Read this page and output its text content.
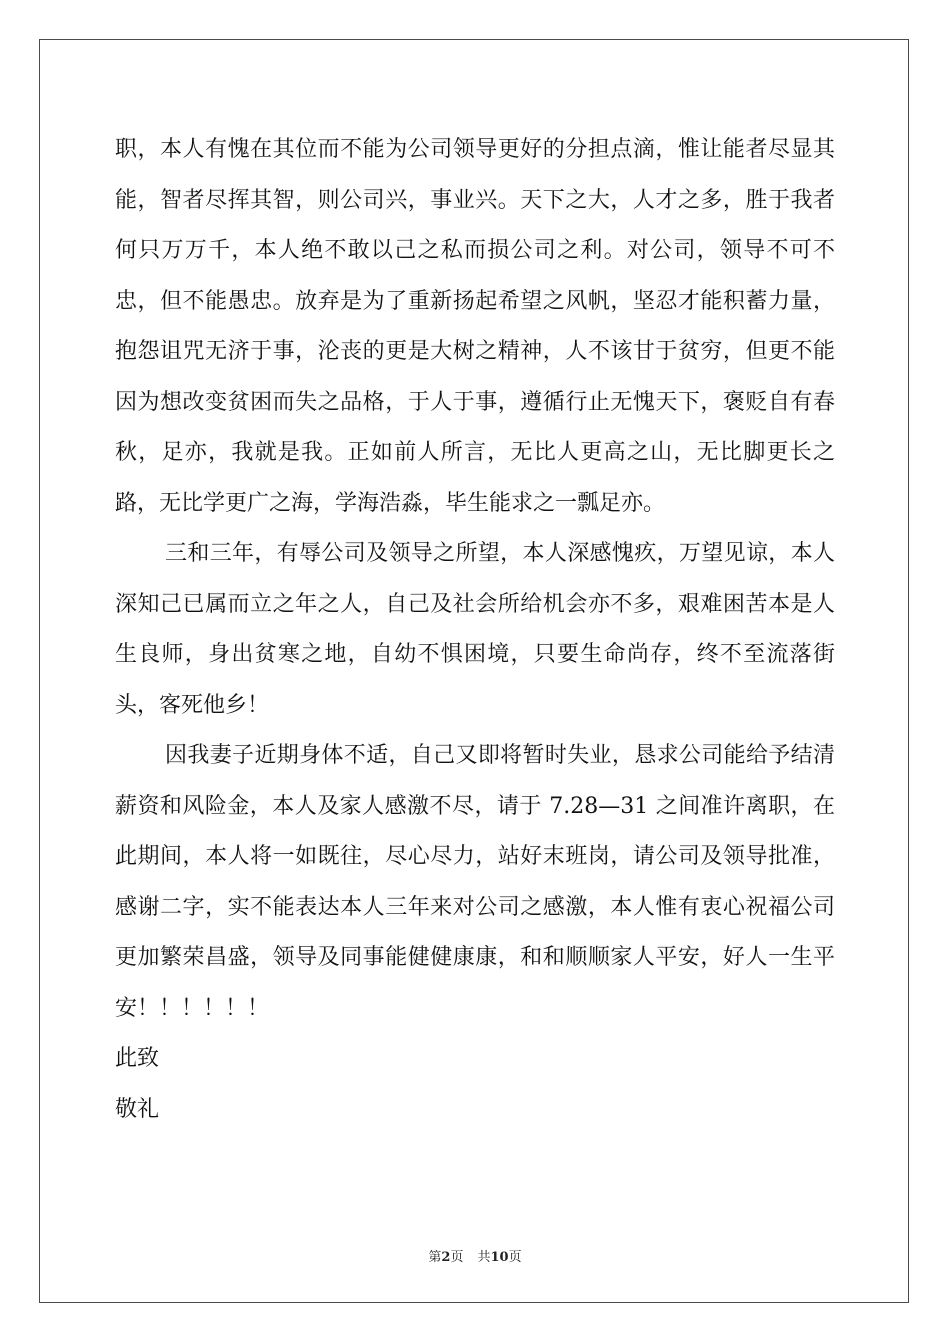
职，本人有愧在其位而不能为公司领导更好的分担点滴，惟让能者尽显其能，智者尽挥其智，则公司兴，事业兴。天下之大，人才之多，胜于我者何只万万千，本人绝不敢以己之私而损公司之利。对公司，领导不可不忠，但不能愚忠。放弃是为了重新扬起希望之风帆，坚忍才能积蓄力量，抱怨诅咒无济于事，沦丧的更是大树之精神，人不该甘于贫穷，但更不能因为想改变贫困而失之品格，于人于事，遵循行止无愧天下，褒贬自有春秋，足亦，我就是我。正如前人所言，无比人更高之山，无比脚更长之路，无比学更广之海，学海浩淼，毕生能求之一瓢足亦。

三和三年，有辱公司及领导之所望，本人深感愧疚，万望见谅，本人深知己已属而立之年之人，自己及社会所给机会亦不多，艰难困苦本是人生良师，身出贫寒之地，自幼不惧困境，只要生命尚存，终不至流落街头，客死他乡！

因我妻子近期身体不适，自己又即将暂时失业，恳求公司能给予结清薪资和风险金，本人及家人感激不尽，请于 7.28—31 之间准许离职，在此期间，本人将一如既往，尽心尽力，站好末班岗，请公司及领导批准，感谢二字，实不能表达本人三年来对公司之感激，本人惟有衷心祝福公司更加繁荣昌盛，领导及同事能健健康康，和和顺顺家人平安，好人一生平安！！！！！！

此致

敬礼

第2页 共10页
